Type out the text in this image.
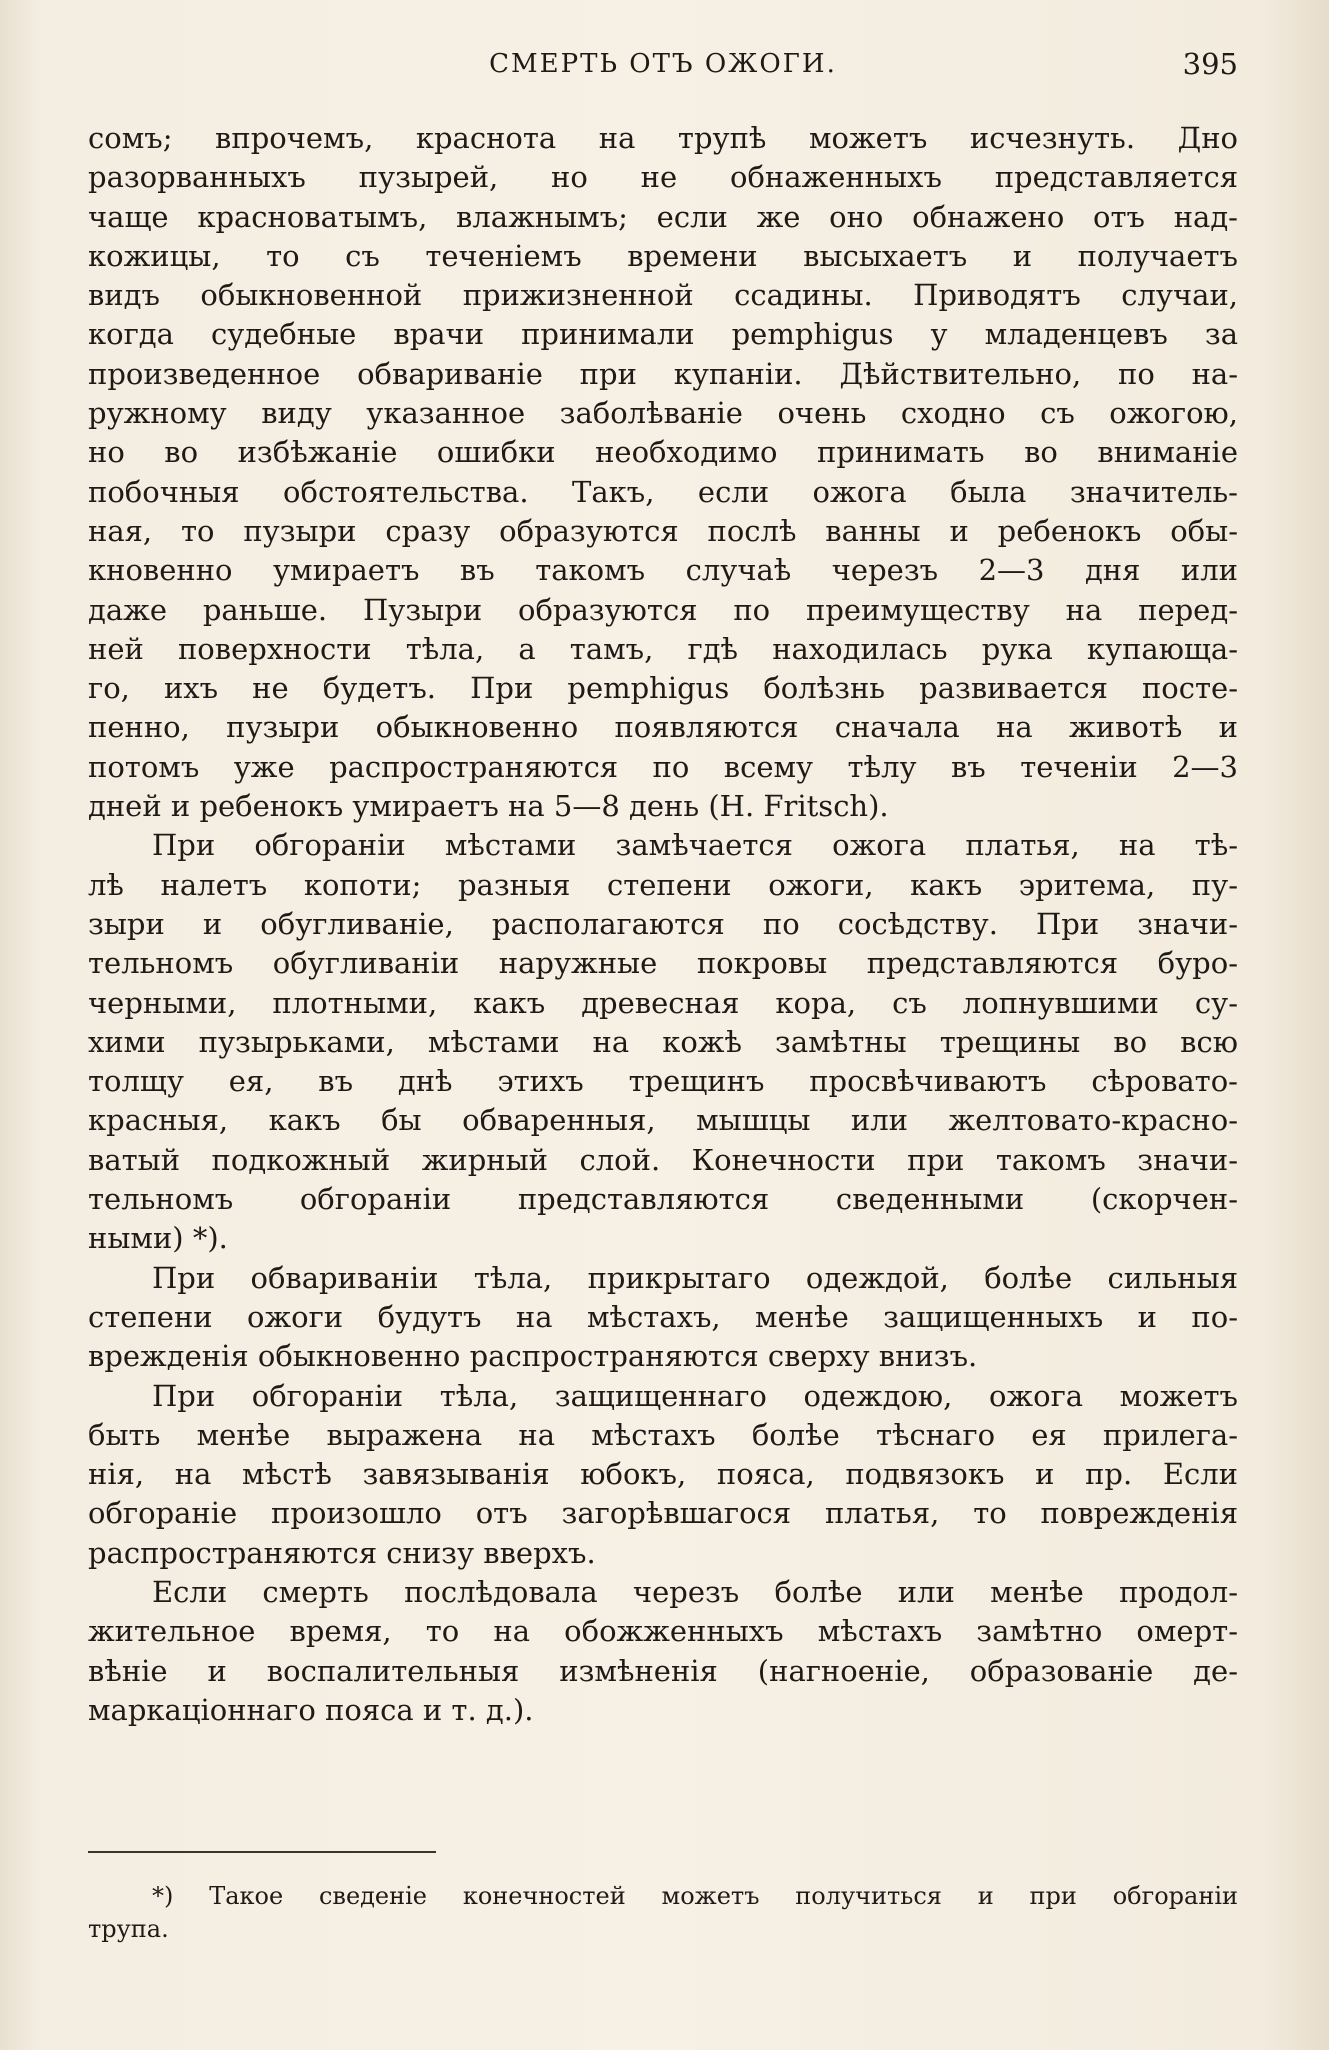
СМЕРТЬ ОТЪ ОЖОГИ.	395
сомъ; впрочемъ, краснота на трупѣ можетъ исчезнуть. Дно
разорванныхъ пузырей, но не обнаженныхъ представляется
чаще красноватымъ, влажнымъ; если же оно обнажено отъ над-
кожицы, то съ теченіемъ времени высыхаетъ и получаетъ
видъ обыкновенной прижизненной ссадины. Приводятъ случаи,
когда судебные врачи принимали pemphigus у младенцевъ за
произведенное обвариваніе при купаніи. Дѣйствительно, по на-
ружному виду указанное заболѣваніе очень сходно съ ожогою,
но во избѣжаніе ошибки необходимо принимать во вниманіе
побочныя обстоятельства. Такъ, если ожога была значитель-
ная, то пузыри сразу образуются послѣ ванны и ребенокъ обы-
кновенно умираетъ въ такомъ случаѣ черезъ 2—3 дня или
даже раньше. Пузыри образуются по преимуществу на перед-
ней поверхности тѣла, а тамъ, гдѣ находилась рука купающа-
го, ихъ не будетъ. При pemphigus болѣзнь развивается посте-
пенно, пузыри обыкновенно появляются сначала на животѣ и
потомъ уже распространяются по всему тѣлу въ теченіи 2—3
дней и ребенокъ умираетъ на 5—8 день (H. Fritsch).
При обгораніи мѣстами замѣчается ожога платья, на тѣ-
лѣ налетъ копоти; разныя степени ожоги, какъ эритема, пу-
зыри и обугливаніе, располагаются по сосѣдству. При значи-
тельномъ обугливаніи наружные покровы представляются буро-
черными, плотными, какъ древесная кора, съ лопнувшими су-
хими пузырьками, мѣстами на кожѣ замѣтны трещины во всю
толщу ея, въ днѣ этихъ трещинъ просвѣчиваютъ сѣровато-
красныя, какъ бы обваренныя, мышцы или желтовато-красно-
ватый подкожный жирный слой. Конечности при такомъ значи-
тельномъ обгораніи представляются сведенными (скорчен-
ными) *).
При обвариваніи тѣла, прикрытаго одеждой, болѣе сильныя
степени ожоги будутъ на мѣстахъ, менѣе защищенныхъ и по-
врежденія обыкновенно распространяются сверху внизъ.
При обгораніи тѣла, защищеннаго одеждою, ожога можетъ
быть менѣе выражена на мѣстахъ болѣе тѣснаго ея прилега-
нія, на мѣстѣ завязыванія юбокъ, пояса, подвязокъ и пр. Если
обгораніе произошло отъ загорѣвшагося платья, то поврежденія
распространяются снизу вверхъ.
Если смерть послѣдовала черезъ болѣе или менѣе продол-
жительное время, то на обожженныхъ мѣстахъ замѣтно омерт-
вѣніе и воспалительныя измѣненія (нагноеніе, образованіе де-
маркаціоннаго пояса и т. д.).
*) Такое сведеніе конечностей можетъ получиться и при обгораніи
трупа.
